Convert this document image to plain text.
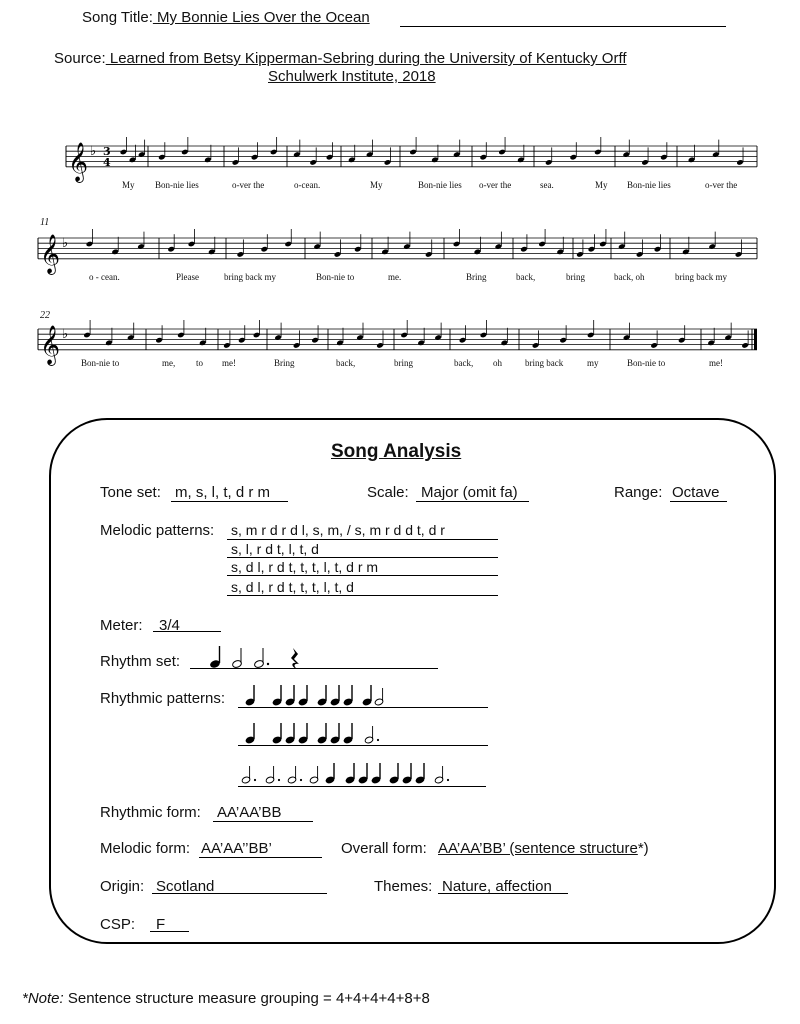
Song Title: My Bonnie Lies Over the Ocean
Source: Learned from Betsy Kipperman-Sebring during the University of Kentucky Orff
Schulwerk Institute, 2018
𝄞 ♭ 3
4
𝄞 ♭
𝄞 ♭
11
22
My Bon-nie lies	o-ver the	o-cean.	My	Bon-nie lies o-ver the	sea.	My Bon-nie lies	o-ver the
o - cean.	Please	bring back my	Bon-nie to	me.	Bring	back,	bring	back, oh	bring back my
Bon-nie to	me, to me!	Bring	back,	bring	back, oh	bring back	my	Bon-nie to	me!
Song Analysis
Tone set: m, s, l, t, d r m	Scale: Major (omit fa)	Range: Octave
Melodic patterns: s, m r d r d l, s, m, / s, m r d d t, d r
s, l, r d t, l, t, d
s, d l, r d t, t, t, l, t, d r m
s, d l, r d t, t, t, l, t, d
Meter: 3/4
Rhythm set:
Rhythmic patterns:
Rhythmic form: AA’AA’BB
Melodic form: AA’AA’’BB’	Overall form: AA’AA’BB’ (sentence structure*)
Origin: Scotland	Themes: Nature, affection
CSP: F
*Note: Sentence structure measure grouping = 4+4+4+4+8+8
